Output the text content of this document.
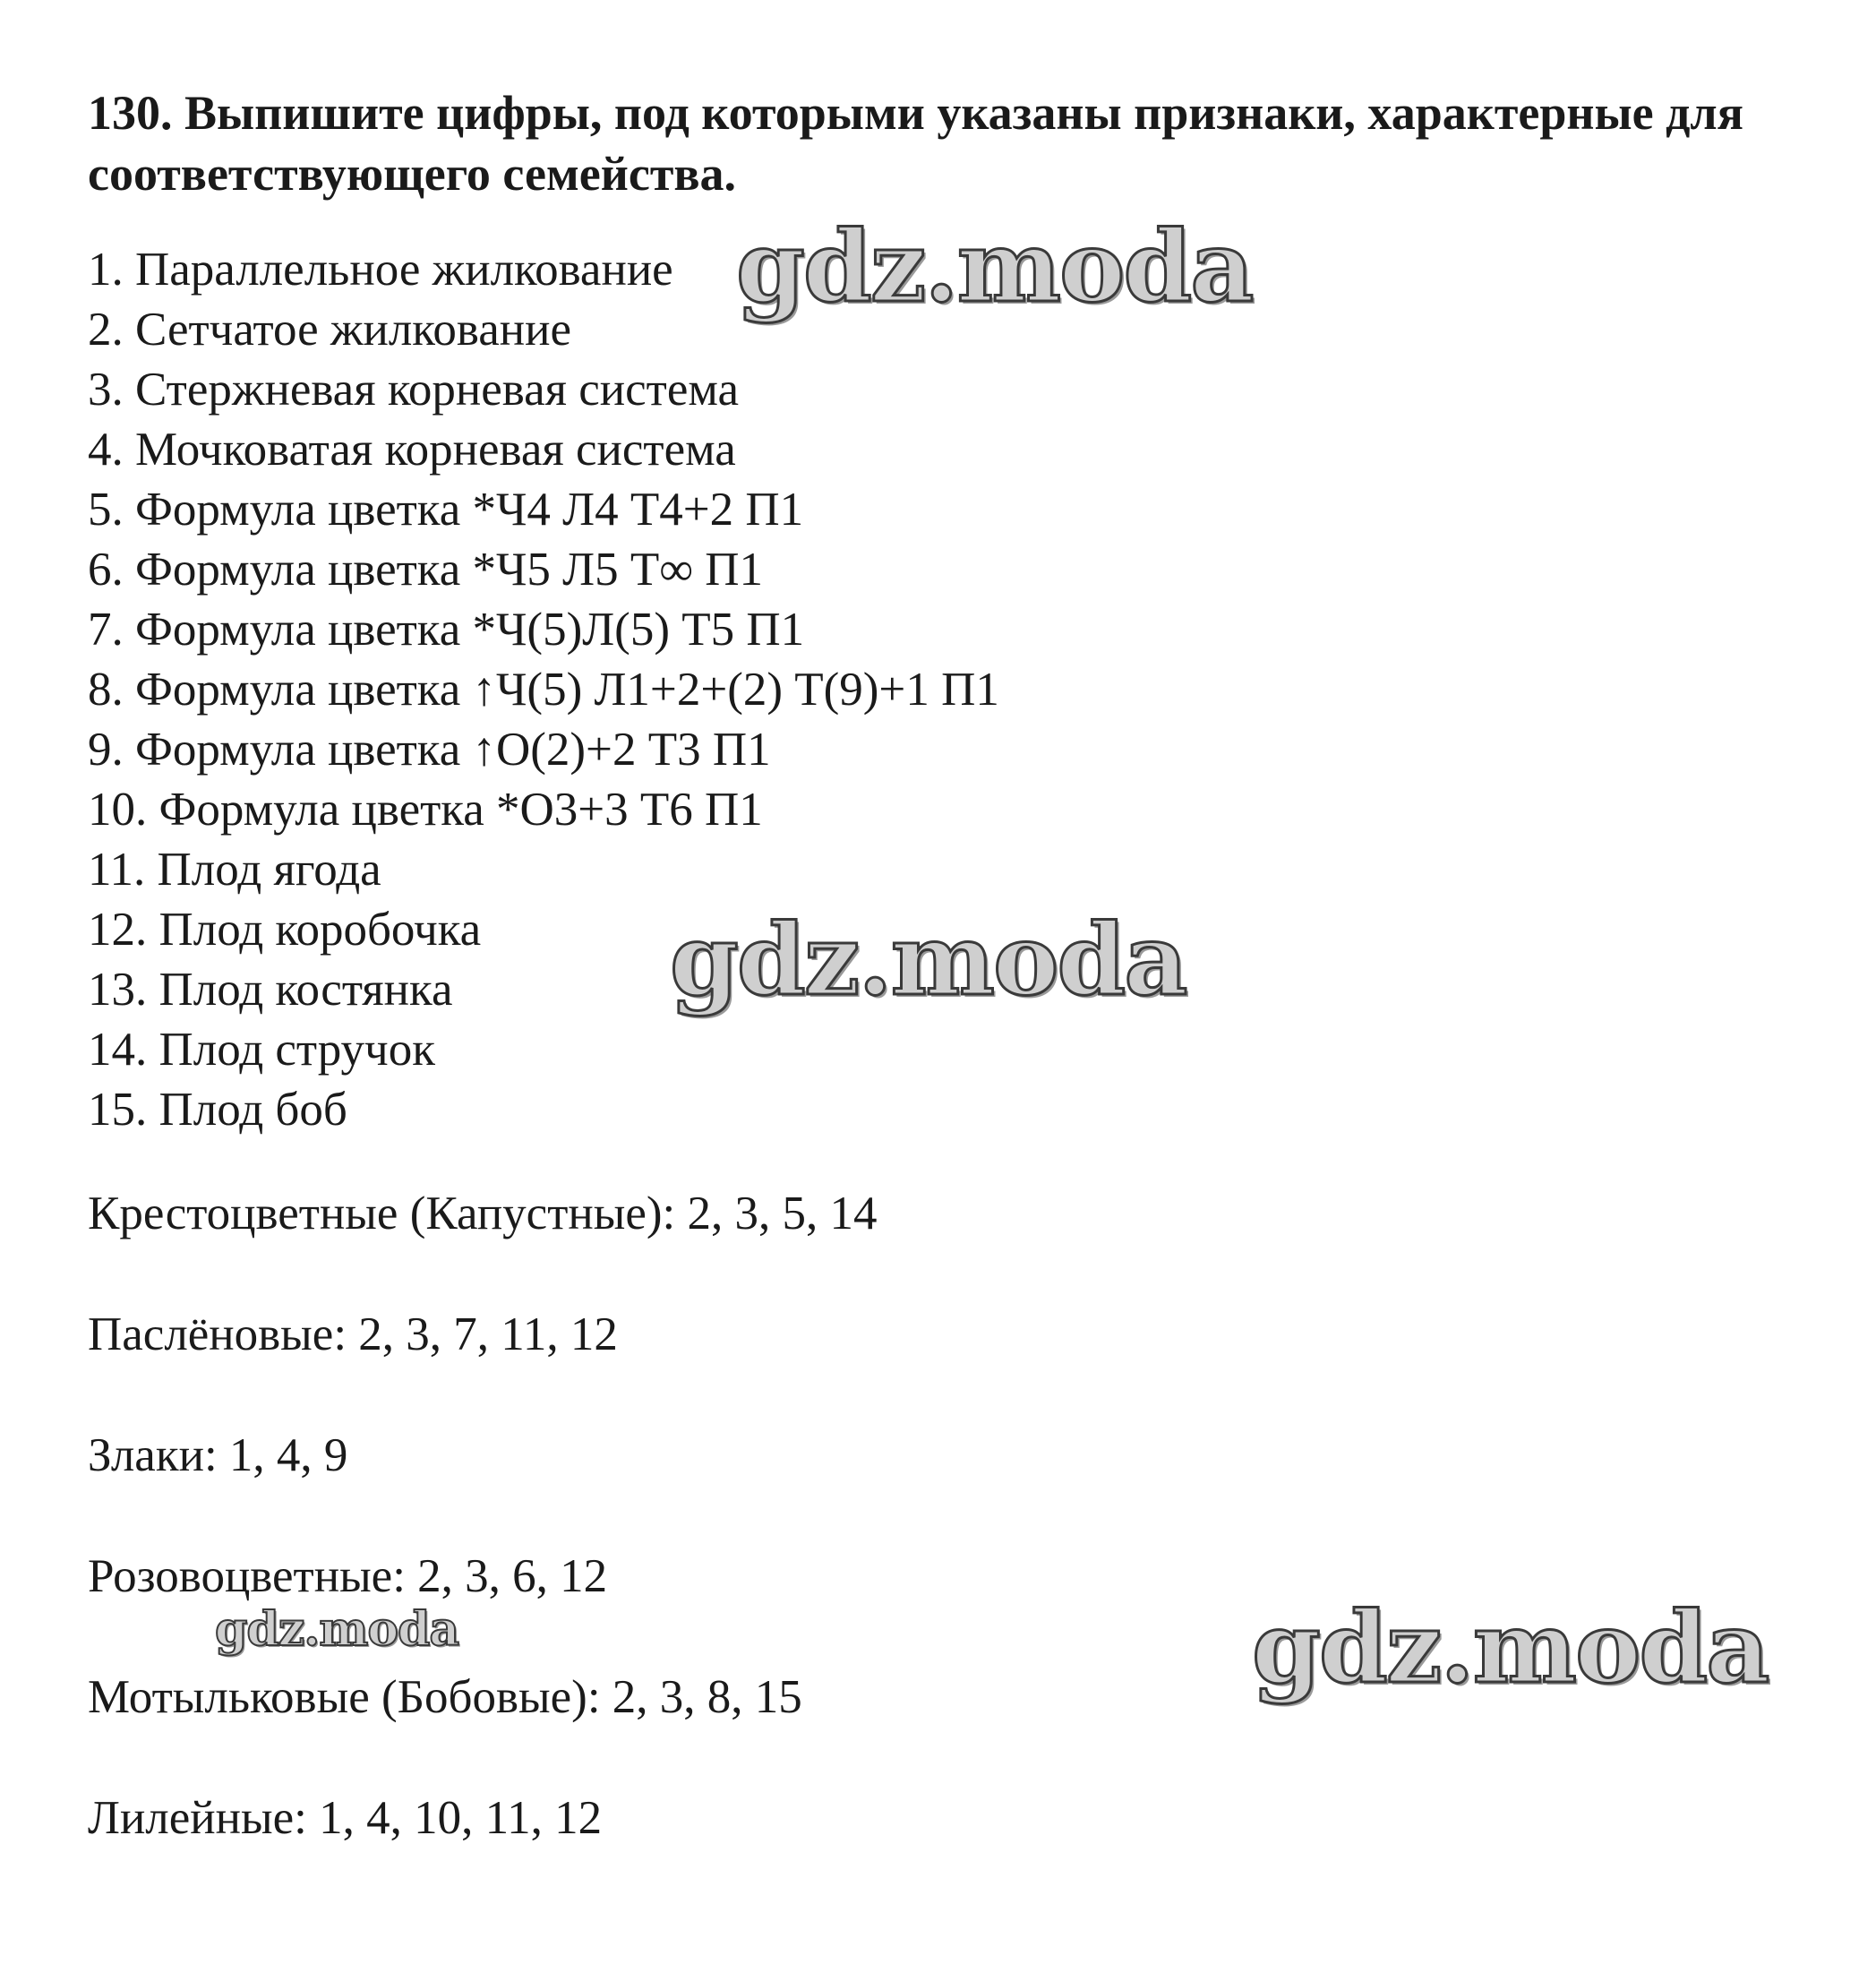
130. Выпишите цифры, под которыми указаны признаки, характерные для соответствующего семейства.

1. Параллельное жилкование
2. Сетчатое жилкование
3. Стержневая корневая система
4. Мочковатая корневая система
5. Формула цветка *Ч4 Л4 Т4+2 П1
6. Формула цветка *Ч5 Л5 Т∞ П1
7. Формула цветка *Ч(5)Л(5) Т5 П1
8. Формула цветка ↑Ч(5) Л1+2+(2) Т(9)+1 П1
9. Формула цветка ↑О(2)+2 Т3 П1
10. Формула цветка *О3+3 Т6 П1
11. Плод ягода
12. Плод коробочка
13. Плод костянка
14. Плод стручок
15. Плод боб

Крестоцветные (Капустные): 2, 3, 5, 14

Паслёновые: 2, 3, 7, 11, 12

Злаки: 1, 4, 9

Розовоцветные: 2, 3, 6, 12

Мотыльковые (Бобовые): 2, 3, 8, 15

Лилейные: 1, 4, 10, 11, 12

gdz.moda
gdz.moda
gdz.moda	gdz.moda
